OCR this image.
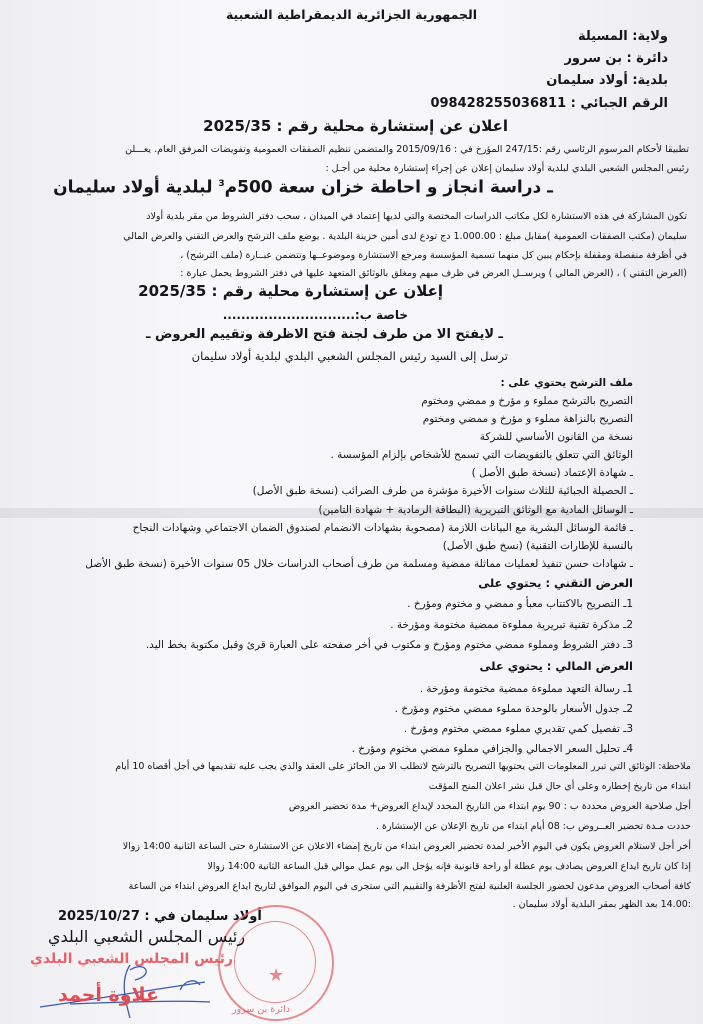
الجمهورية الجزائرية الديمقراطية الشعبية
ولاية: المسيلة
دائرة : بن سرور
بلدية: أولاد سليمان
الرقم الجبائي : 098428255036811
اعلان عن إستشارة محلية رقم : 2025/35
تطبيقا لأحكام المرسوم الرئاسي رقم :247/15 المؤرخ في : 2015/09/16 والمتضمن تنظيم الصفقات العمومية وتفويضات المرفق العام. يعـــلن
رئيس المجلس الشعبي البلدي لبلدية أولاد سليمان إعلان عن إجراء إستشارة محلية من أجـل :
ـ دراسة انجاز و احاطة خزان سعة 500م$^3$ لبلدية أولاد سليمان
تكون المشاركة في هذه الاستشارة لكل مكاتب الدراسات المختصة والتي لديها إعتماد في الميدان ، سحب دفتر الشروط من مقر بلدية أولاد
سليمان (مكتب الصفقات العمومية )مقابل مبلغ : 1.000.00 دج تودع لدى أمين خزينة البلدية . يوضع ملف الترشح والعرض التقني والعرض المالي
في أظرفة منفصلة ومقفلة بإحكام يبين كل منهما تسمية المؤسسة ومرجع الاستشارة وموضوعــها وتتضمن عبــارة (ملف الترشح) ،
(العرض التقني ) ، (العرض المالي ) ويرســل العرض في ظرف مبهم ومغلق بالوثائق المتعهد عليها في دفتر الشروط يحمل عبارة :
إعلان عن إستشارة محلية رقم : 2025/35
خاصة ب:.............................
ـ لايفتح الا من طرف لجنة فتح الاظرفة وتقييم العروض ـ
ترسل إلى السيد رئيس المجلس الشعبي البلدي لبلدية أولاد سليمان
ملف الترشح يحتوي على :
التصريح بالترشح مملوء و مؤرخ و ممضي ومختوم
التصريح بالنزاهة مملوء و مؤرخ و ممضي ومختوم
نسخة من القانون الأساسي للشركة
الوثائق التي تتعلق بالتفويضات التي تسمح للأشخاص بإلزام المؤسسة .
ـ شهادة الإعتماد (نسخة طبق الأصل )
ـ الحصيلة الجبائية للثلاث سنوات الأخيرة مؤشرة من طرف الضرائب (نسخة طبق الأصل)
ـ الوسائل المادية مع الوثائق التبريرية (البطاقة الرمادية + شهادة التامين)
ـ قائمة الوسائل البشرية مع البيانات اللازمة (مصحوبة بشهادات الانضمام لصندوق الضمان الاجتماعي وشهادات النجاح
بالنسبة للإطارات التقنية) (نسخ طبق الأصل)
ـ شهادات حسن تنفيذ لعمليات مماثلة ممضية ومسلمة من طرف أصحاب الدراسات خلال 05 سنوات الأخيرة (نسخة طبق الأصل
العرض التقني : يحتوي على
1ـ التصريح بالاكتتاب معبأ و ممضي و مختوم ومؤرخ .
2ـ مذكرة تقنية تبريرية مملوءة ممضية مختومة ومؤرخة .
3ـ دفتر الشروط ومملوء ممضي مختوم ومؤرخ و مكتوب في أخر صفحته على العبارة قرئ وقبل مكتوبة بخط اليد.
العرض المالي : يحتوي على
1ـ رسالة التعهد مملوءة ممضية مختومة ومؤرخة .
2ـ جدول الأسعار بالوحدة مملوء ممضي مختوم ومؤرخ .
3ـ تفصيل كمي تقديري مملوء ممضي مختوم ومؤرخ .
4ـ تحليل السعر الاجمالي والجزافي مملوء ممضي مختوم ومؤرخ .
ملاحظة: الوثائق التي تبرر المعلومات التي يحتويها التصريح بالترشح لاتطلب الا من الحائز على العقد والذي يجب عليه تقديمها في أجل أقصاه 10 أيام
ابتداء من تاريخ إخطاره وعلى أي حال قبل نشر اعلان المنح المؤقت
أجل صلاحية العروض محددة ب : 90 يوم ابتداء من التاريخ المحدد لإيداع العروض+ مدة تحضير العروض
حددت مـدة تحضير العــروض ب: 08 أيام ابتداء من تاريخ الإعلان عن الإستشارة .
أخر أجل لاستلام العروض يكون في اليوم الأخير لمدة تحضير العروض ابتداء من تاريخ إمضاء الاعلان عن الاستشارة حتى الساعة الثانية 14:00 زوالا
إذا كان تاريخ ايداع العروض يصادف يوم عطلة أو راحة قانونية فإنه يؤجل الى يوم عمل موالي قبل الساعة الثانية 14:00 زوالا
كافة أصحاب العروض مدعون لحضور الجلسة العلنية لفتح الأظرفة والتقييم التي ستجرى في اليوم الموافق لتاريخ ايداع العروض ابتداء من الساعة
:14.00 بعد الظهر بمقر البلدية أولاد سليمان .
أولاد سليمان في : 2025/10/27
★
دائرة بن سرور
رئيس المجلس الشعبي البلدي
رئيس المجلس الشعبي البلدي
علاوة أحمد
